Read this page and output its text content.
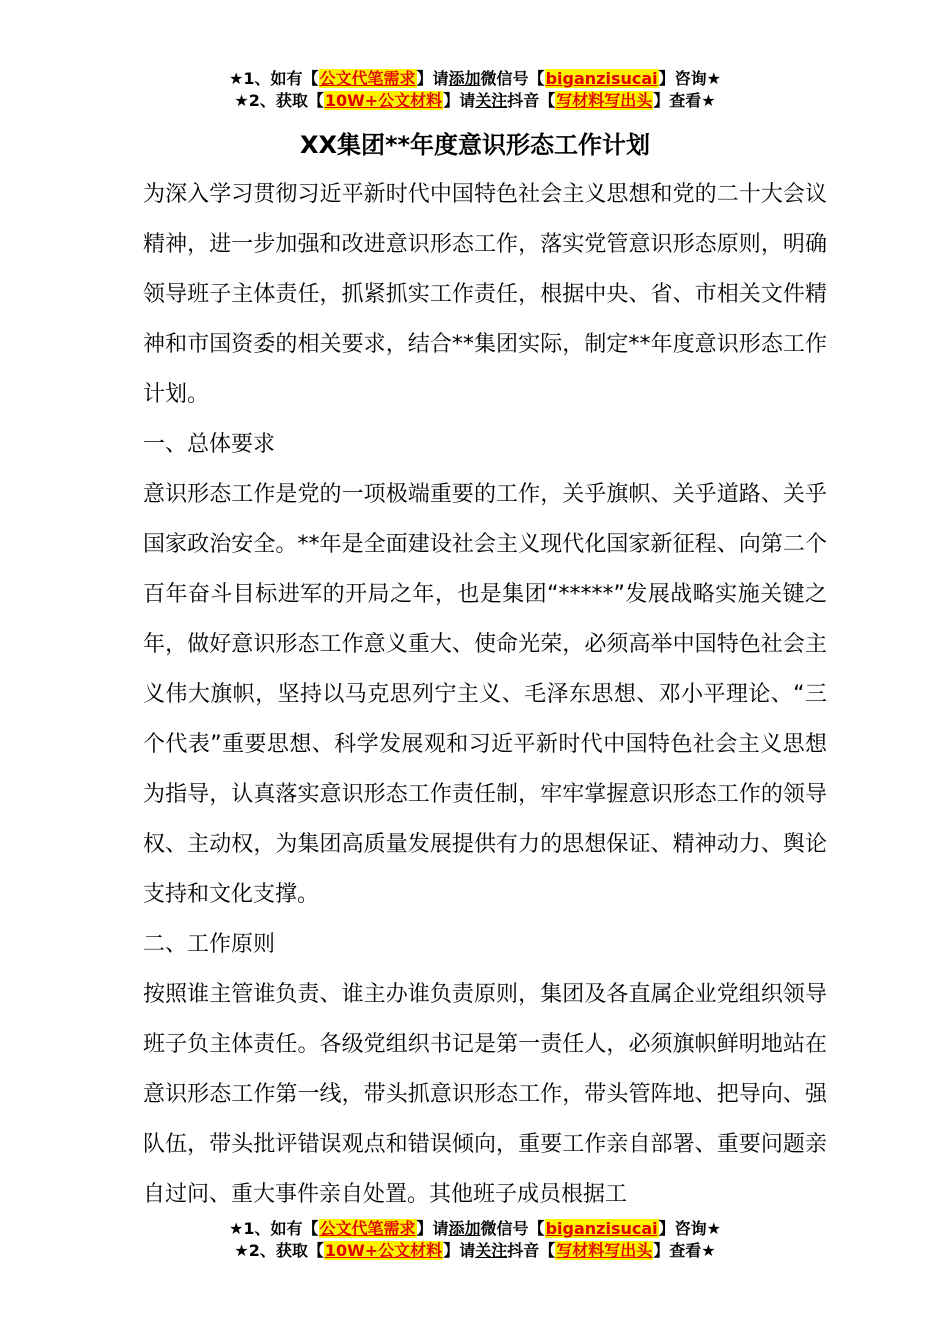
★1、如有【公文代笔需求】请添加微信号【biganzisucai】咨询★
★2、获取【10W+公文材料】请关注抖音【写材料写出头】查看★
XX集团**年度意识形态工作计划

为深入学习贯彻习近平新时代中国特色社会主义思想和党的二十大会议精神，进一步加强和改进意识形态工作，落实党管意识形态原则，明确领导班子主体责任，抓紧抓实工作责任，根据中央、省、市相关文件精神和市国资委的相关要求，结合**集团实际，制定**年度意识形态工作计划。

一、总体要求

意识形态工作是党的一项极端重要的工作，关乎旗帜、关乎道路、关乎国家政治安全。**年是全面建设社会主义现代化国家新征程、向第二个百年奋斗目标进军的开局之年，也是集团“*****”发展战略实施关键之年，做好意识形态工作意义重大、使命光荣，必须高举中国特色社会主义伟大旗帜，坚持以马克思列宁主义、毛泽东思想、邓小平理论、“三个代表”重要思想、科学发展观和习近平新时代中国特色社会主义思想为指导，认真落实意识形态工作责任制，牢牢掌握意识形态工作的领导权、主动权，为集团高质量发展提供有力的思想保证、精神动力、舆论支持和文化支撑。

二、工作原则

按照谁主管谁负责、谁主办谁负责原则，集团及各直属企业党组织领导班子负主体责任。各级党组织书记是第一责任人，必须旗帜鲜明地站在意识形态工作第一线，带头抓意识形态工作，带头管阵地、把导向、强队伍，带头批评错误观点和错误倾向，重要工作亲自部署、重要问题亲自过问、重大事件亲自处置。其他班子成员根据工

★1、如有【公文代笔需求】请添加微信号【biganzisucai】咨询★
★2、获取【10W+公文材料】请关注抖音【写材料写出头】查看★
